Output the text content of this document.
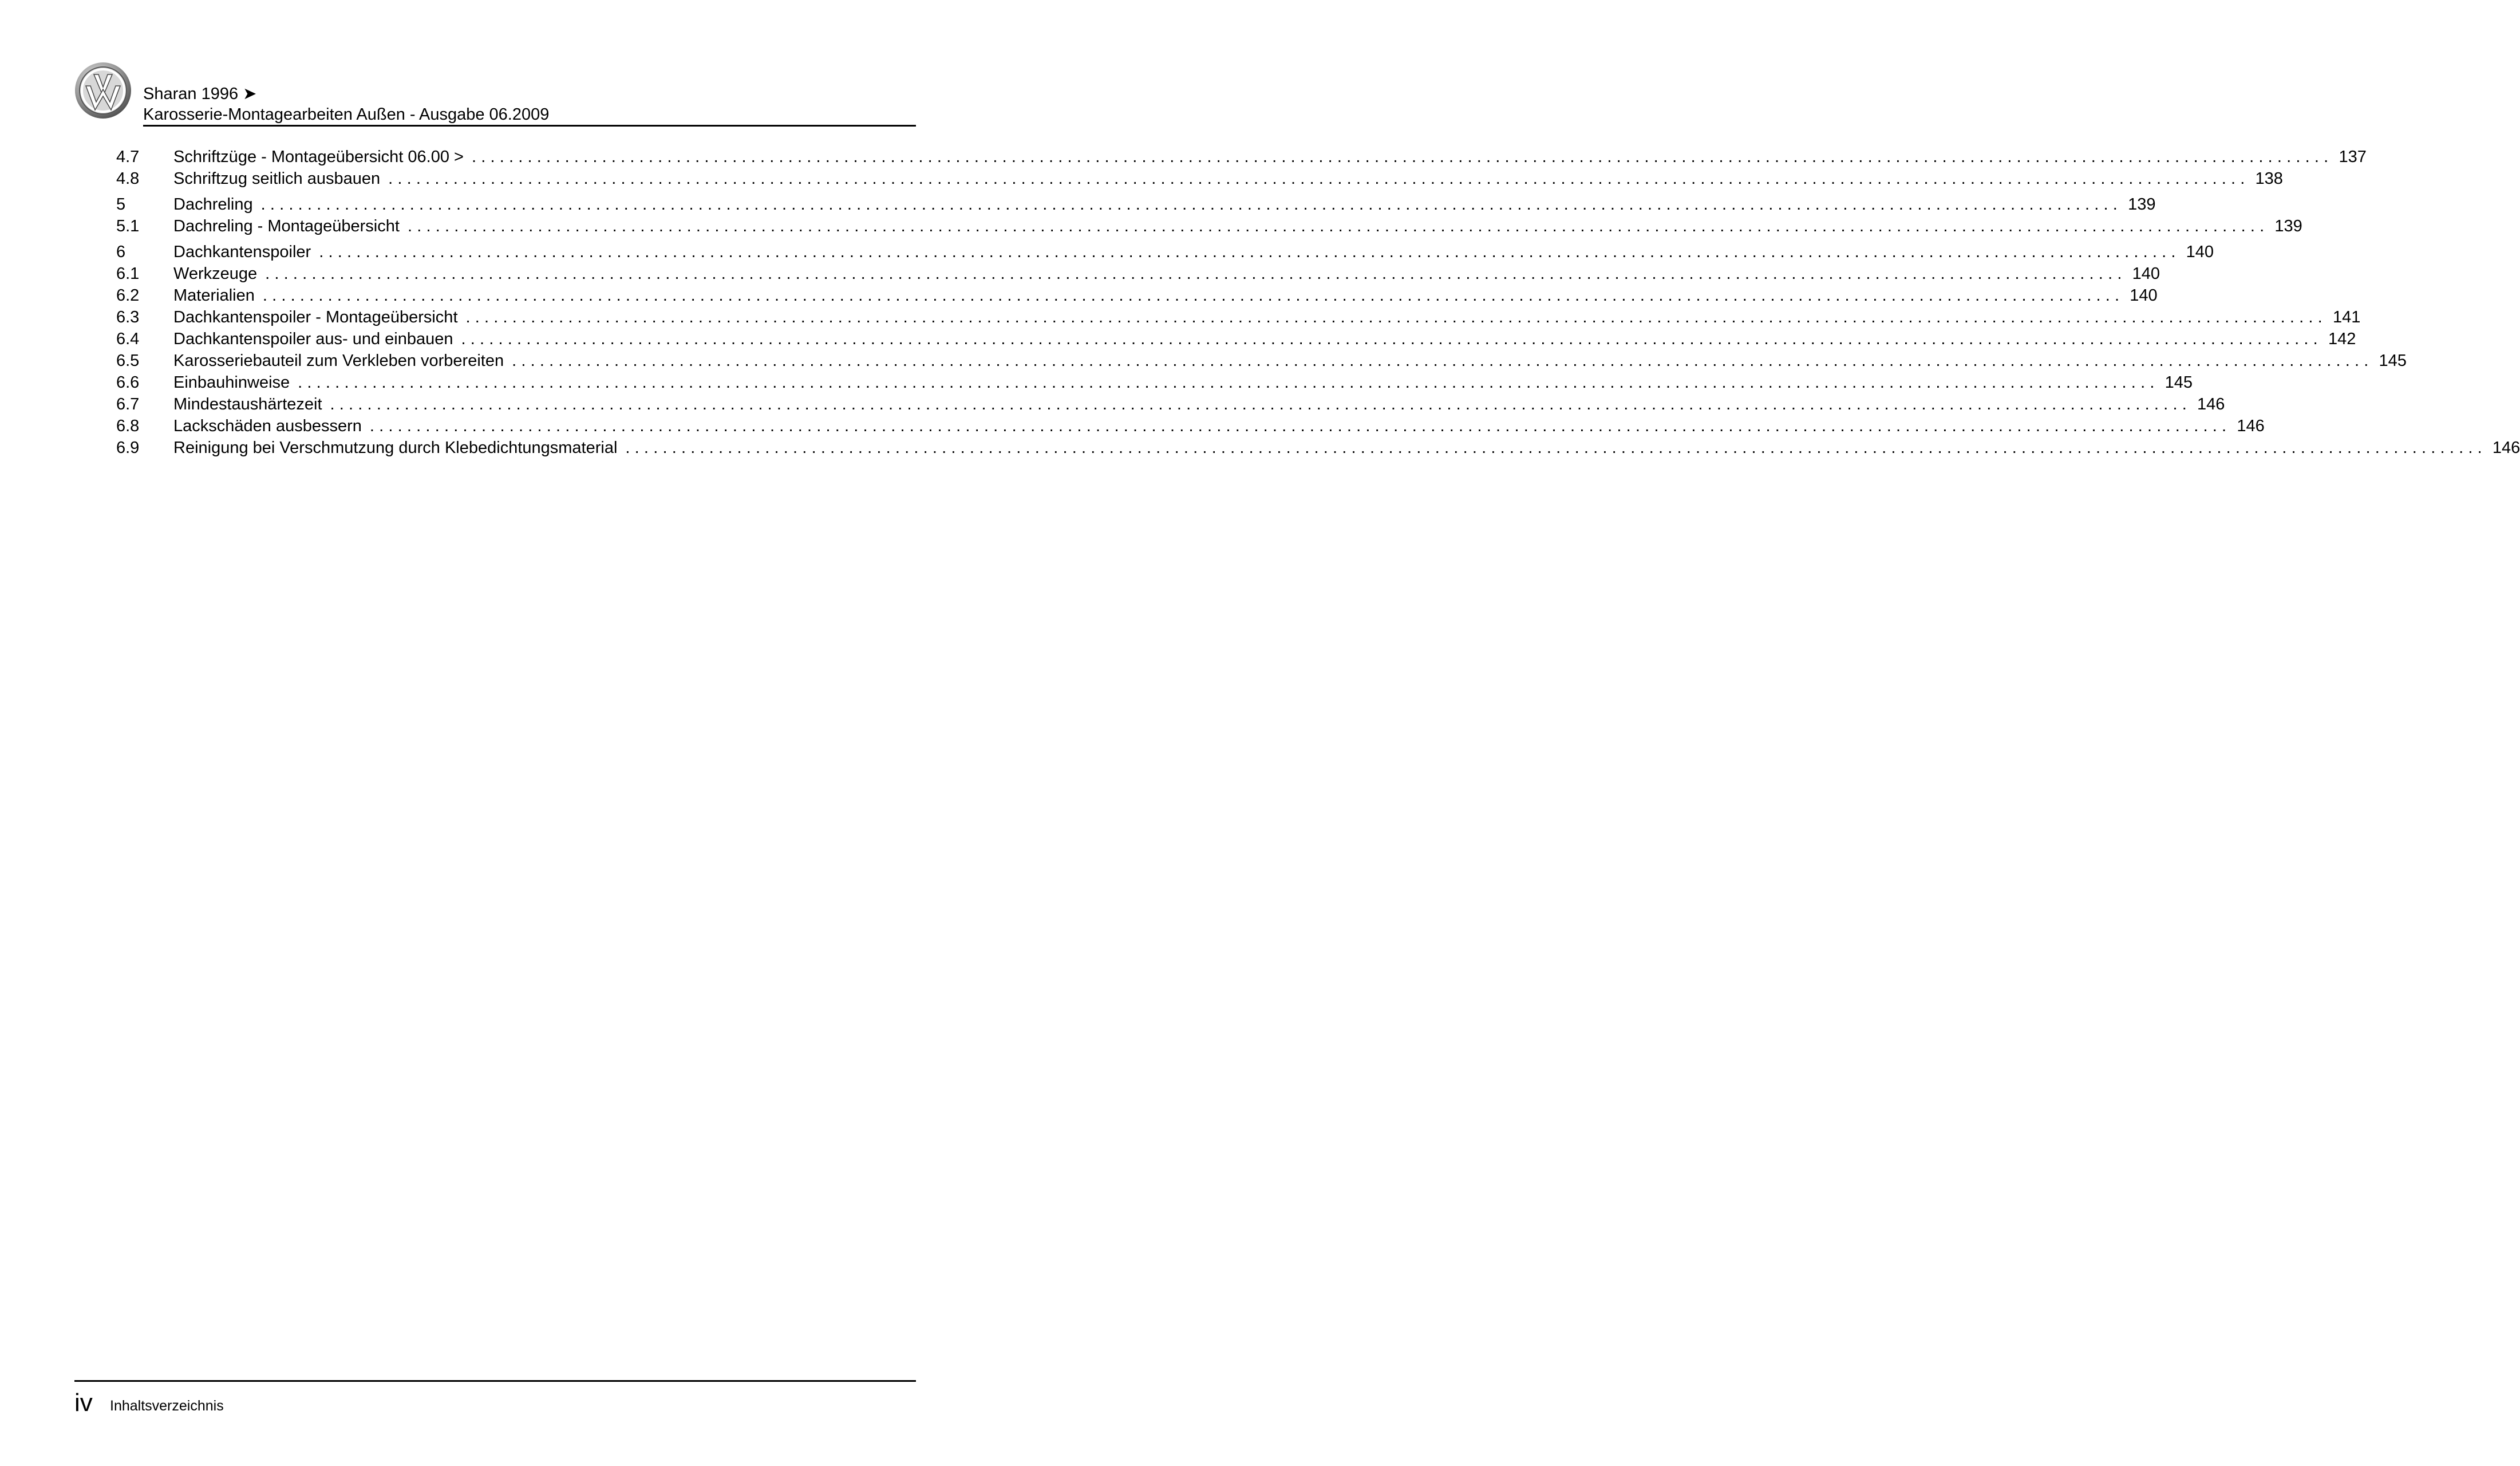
Sharan 1996 ➤
Karosserie-Montagearbeiten Außen - Ausgabe 06.2009
4.7	Schriftzüge - Montageübersicht 06.00 > ........................................................................................................................................................................................................ 137
4.8	Schriftzug seitlich ausbauen ........................................................................................................................................................................................................ 138
5	Dachreling ........................................................................................................................................................................................................ 139
5.1	Dachreling - Montageübersicht ........................................................................................................................................................................................................ 139
6	Dachkantenspoiler ........................................................................................................................................................................................................ 140
6.1	Werkzeuge ........................................................................................................................................................................................................ 140
6.2	Materialien ........................................................................................................................................................................................................ 140
6.3	Dachkantenspoiler - Montageübersicht ........................................................................................................................................................................................................ 141
6.4	Dachkantenspoiler aus- und einbauen ........................................................................................................................................................................................................ 142
6.5	Karosseriebauteil zum Verkleben vorbereiten ........................................................................................................................................................................................................ 145
6.6	Einbauhinweise ........................................................................................................................................................................................................ 145
6.7	Mindestaushärtezeit ........................................................................................................................................................................................................ 146
6.8	Lackschäden ausbessern ........................................................................................................................................................................................................ 146
6.9	Reinigung bei Verschmutzung durch Klebedichtungsmaterial ........................................................................................................................................................................................................ 146
iv Inhaltsverzeichnis
